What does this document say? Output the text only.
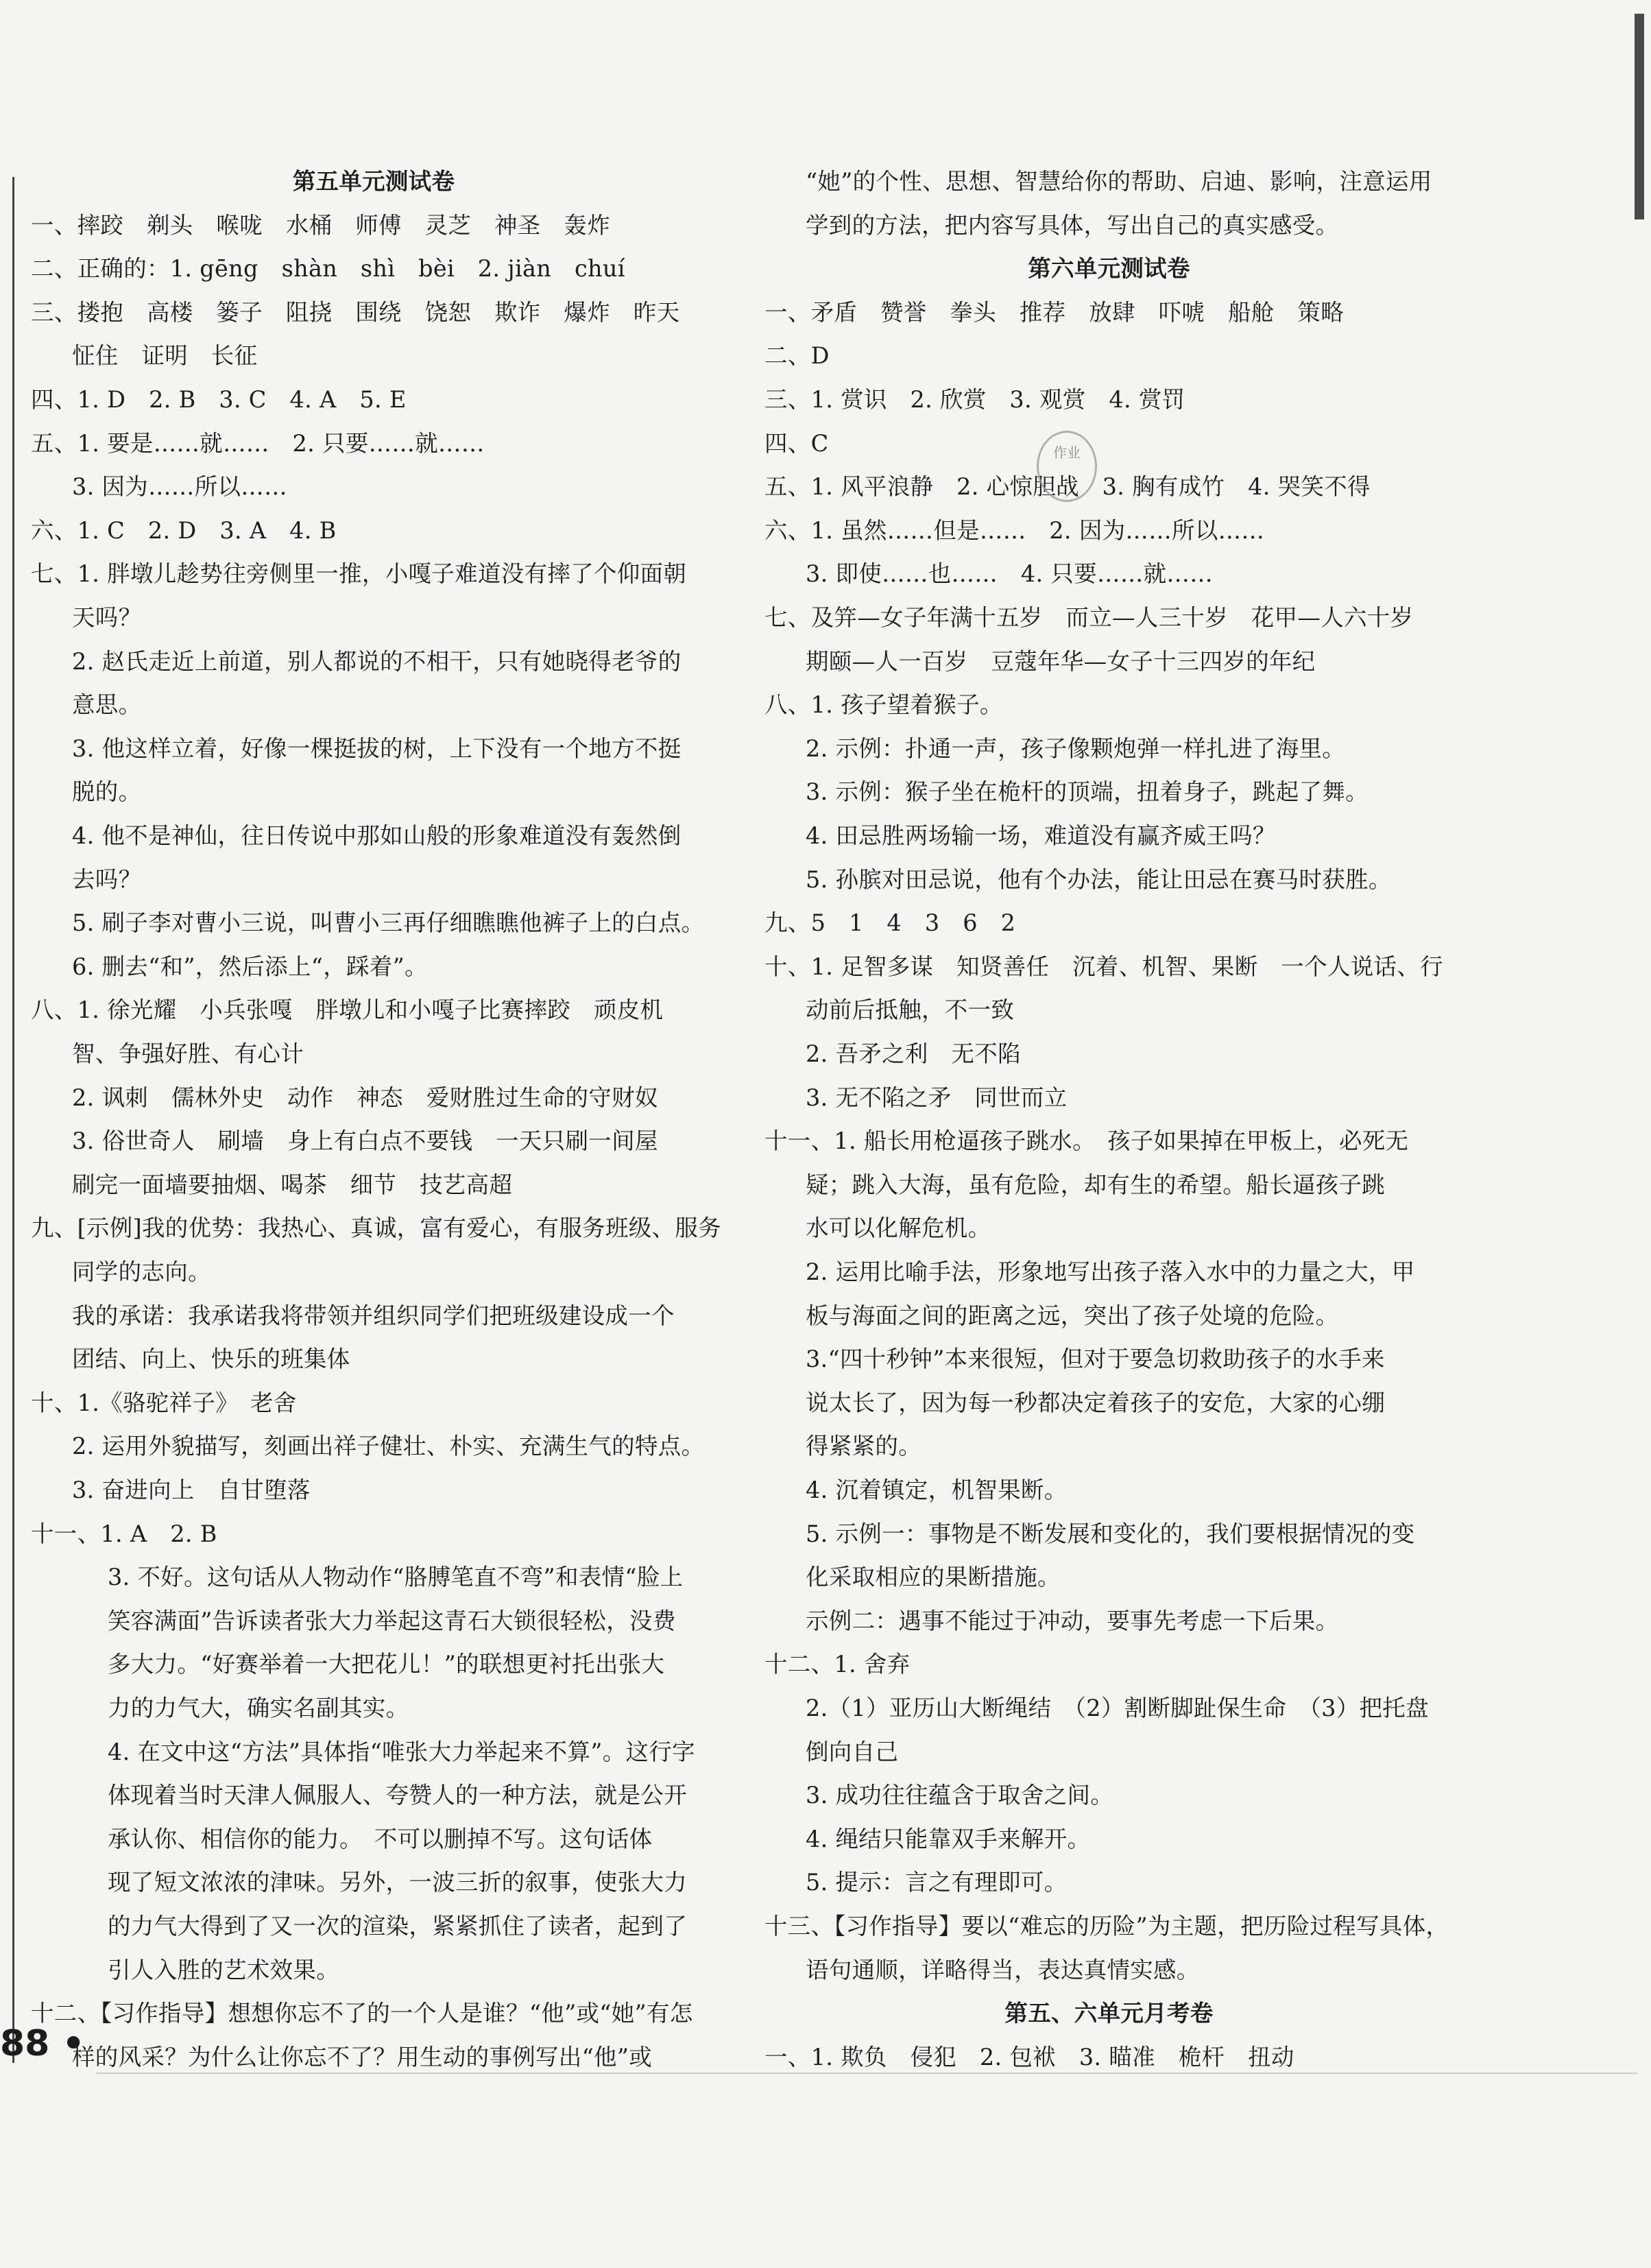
第五单元测试卷
一、摔跤　剃头　喉咙　水桶　师傅　灵芝　神圣　轰炸
二、正确的：1. gēng　shàn　shì　bèi　2. jiàn　chuí
三、搂抱　高楼　篓子　阻挠　围绕　饶恕　欺诈　爆炸　昨天
怔住　证明　长征
四、1. D　2. B　3. C　4. A　5. E
五、1. 要是……就……　2. 只要……就……
3. 因为……所以……
六、1. C　2. D　3. A　4. B
七、1. 胖墩儿趁势往旁侧里一推，小嘎子难道没有摔了个仰面朝
天吗？
2. 赵氏走近上前道，别人都说的不相干，只有她晓得老爷的
意思。
3. 他这样立着，好像一棵挺拔的树，上下没有一个地方不挺
脱的。
4. 他不是神仙，往日传说中那如山般的形象难道没有轰然倒
去吗？
5. 刷子李对曹小三说，叫曹小三再仔细瞧瞧他裤子上的白点。
6. 删去“和”，然后添上“，踩着”。
八、1. 徐光耀　小兵张嘎　胖墩儿和小嘎子比赛摔跤　顽皮机
智、争强好胜、有心计
2. 讽刺　儒林外史　动作　神态　爱财胜过生命的守财奴
3. 俗世奇人　刷墙　身上有白点不要钱　一天只刷一间屋
刷完一面墙要抽烟、喝茶　细节　技艺高超
九、[示例]我的优势：我热心、真诚，富有爱心，有服务班级、服务
同学的志向。
我的承诺：我承诺我将带领并组织同学们把班级建设成一个
团结、向上、快乐的班集体
十、1.《骆驼祥子》　老舍
2. 运用外貌描写，刻画出祥子健壮、朴实、充满生气的特点。
3. 奋进向上　自甘堕落
十一、1. A　2. B
3. 不好。这句话从人物动作“胳膊笔直不弯”和表情“脸上
笑容满面”告诉读者张大力举起这青石大锁很轻松，没费
多大力。“好赛举着一大把花儿！”的联想更衬托出张大
力的力气大，确实名副其实。
4. 在文中这“方法”具体指“唯张大力举起来不算”。这行字
体现着当时天津人佩服人、夸赞人的一种方法，就是公开
承认你、相信你的能力。　不可以删掉不写。这句话体
现了短文浓浓的津味。另外，一波三折的叙事，使张大力
的力气大得到了又一次的渲染，紧紧抓住了读者，起到了
引人入胜的艺术效果。
十二、【习作指导】想想你忘不了的一个人是谁？“他”或“她”有怎
样的风采？为什么让你忘不了？用生动的事例写出“他”或
“她”的个性、思想、智慧给你的帮助、启迪、影响，注意运用
学到的方法，把内容写具体，写出自己的真实感受。
第六单元测试卷
一、矛盾　赞誉　拳头　推荐　放肆　吓唬　船舱　策略
二、D
三、1. 赏识　2. 欣赏　3. 观赏　4. 赏罚
四、C
五、1. 风平浪静　2. 心惊胆战　3. 胸有成竹　4. 哭笑不得
六、1. 虽然……但是……　2. 因为……所以……
3. 即使……也……　4. 只要……就……
七、及笄—女子年满十五岁　而立—人三十岁　花甲—人六十岁
期颐—人一百岁　豆蔻年华—女子十三四岁的年纪
八、1. 孩子望着猴子。
2. 示例：扑通一声，孩子像颗炮弹一样扎进了海里。
3. 示例：猴子坐在桅杆的顶端，扭着身子，跳起了舞。
4. 田忌胜两场输一场，难道没有赢齐威王吗？
5. 孙膑对田忌说，他有个办法，能让田忌在赛马时获胜。
九、5　1　4　3　6　2
十、1. 足智多谋　知贤善任　沉着、机智、果断　一个人说话、行
动前后抵触，不一致
2. 吾矛之利　无不陷
3. 无不陷之矛　同世而立
十一、1. 船长用枪逼孩子跳水。　孩子如果掉在甲板上，必死无
疑；跳入大海，虽有危险，却有生的希望。船长逼孩子跳
水可以化解危机。
2. 运用比喻手法，形象地写出孩子落入水中的力量之大，甲
板与海面之间的距离之远，突出了孩子处境的危险。
3.“四十秒钟”本来很短，但对于要急切救助孩子的水手来
说太长了，因为每一秒都决定着孩子的安危，大家的心绷
得紧紧的。
4. 沉着镇定，机智果断。
5. 示例一：事物是不断发展和变化的，我们要根据情况的变
化采取相应的果断措施。
示例二：遇事不能过于冲动，要事先考虑一下后果。
十二、1. 舍弃
2.（1）亚历山大断绳结　（2）割断脚趾保生命　（3）把托盘
倒向自己
3. 成功往往蕴含于取舍之间。
4. 绳结只能靠双手来解开。
5. 提示：言之有理即可。
十三、【习作指导】要以“难忘的历险”为主题，把历险过程写具体，
语句通顺，详略得当，表达真情实感。
第五、六单元月考卷
一、1. 欺负　侵犯　2. 包袱　3. 瞄准　桅杆　扭动
作业
88 •
